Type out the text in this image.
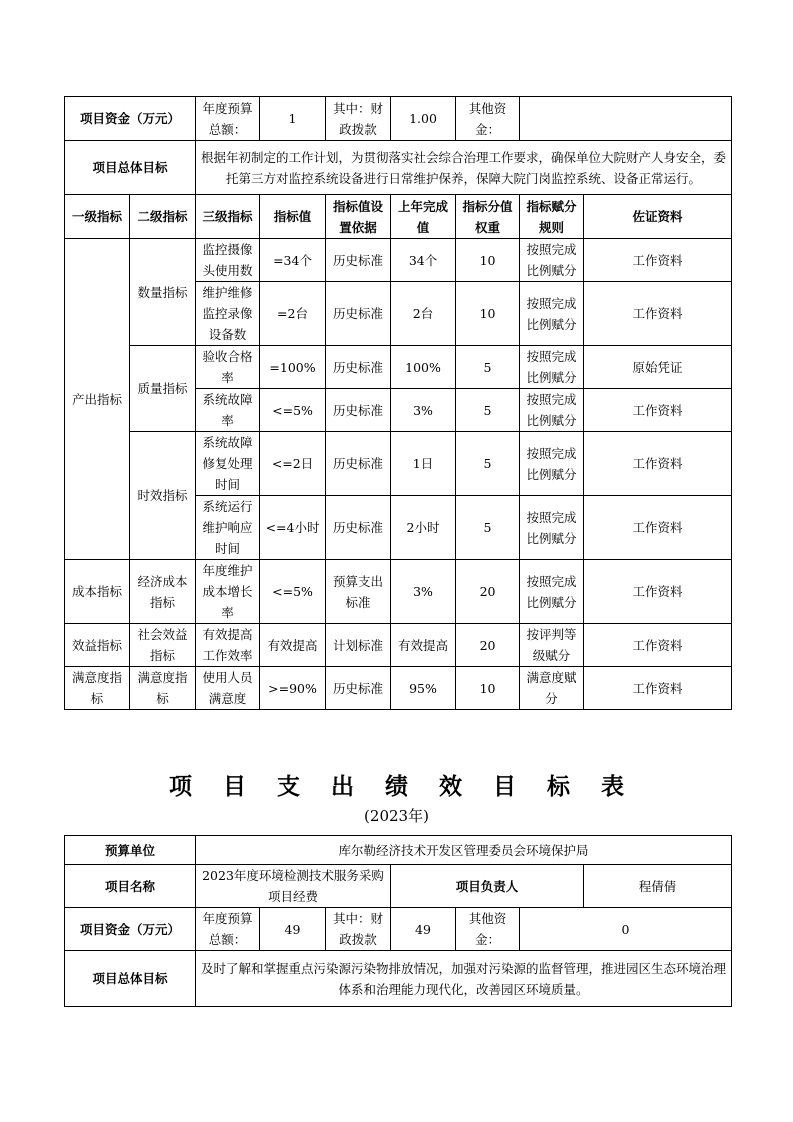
项目资金（万元）		年度预算总额：	1	其中：财政拨款	1.00	其他资金：		
项目总体目标		根据年初制定的工作计划，为贯彻落实社会综合治理工作要求，确保单位大院财产人身安全，委托第三方对监控系统设备进行日常维护保养，保障大院门岗监控系统、设备正常运行。						
一级指标	二级指标	三级指标	指标值	指标值设置依据	上年完成值	指标分值权重	指标赋分规则	佐证资料
产出指标	数量指标	监控摄像头使用数	=34个	历史标准	34个	10	按照完成比例赋分	工作资料
		维护维修监控录像设备数	=2台	历史标准	2台	10	按照完成比例赋分	工作资料
	质量指标	验收合格率	=100%	历史标准	100%	5	按照完成比例赋分	原始凭证
		系统故障率	<=5%	历史标准	3%	5	按照完成比例赋分	工作资料
	时效指标	系统故障修复处理时间	<=2日	历史标准	1日	5	按照完成比例赋分	工作资料
		系统运行维护响应时间	<=4小时	历史标准	2小时	5	按照完成比例赋分	工作资料
成本指标	经济成本指标	年度维护成本增长率	<=5%	预算支出标准	3%	20	按照完成比例赋分	工作资料
效益指标	社会效益指标	有效提高工作效率	有效提高	计划标准	有效提高	20	按评判等级赋分	工作资料
满意度指标	满意度指标	使用人员满意度	>=90%	历史标准	95%	10	满意度赋分	工作资料
项目支出绩效目标表
(2023年)
预算单位	库尔勒经济技术开发区管理委员会环境保护局						
项目名称	2023年度环境检测技术服务采购项目经费			项目负责人			程倩倩
项目资金（万元）	年度预算总额：	49	其中：财政拨款	49	其他资金：	0	
项目总体目标	及时了解和掌握重点污染源污染物排放情况，加强对污染源的监督管理，推进园区生态环境治理体系和治理能力现代化，改善园区环境质量。						
